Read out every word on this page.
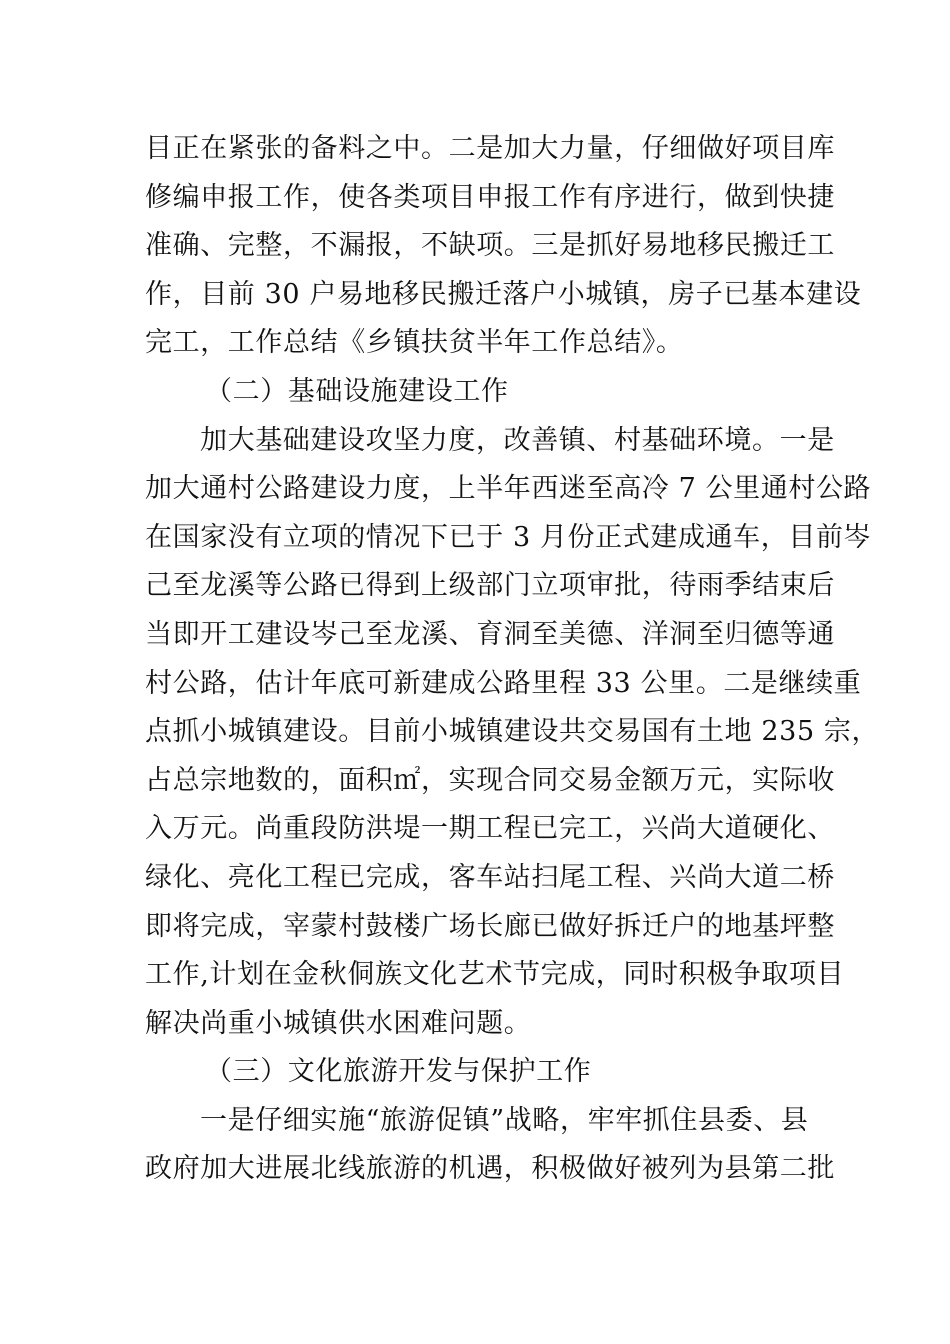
目正在紧张的备料之中。二是加大力量，仔细做好项目库
修编申报工作，使各类项目申报工作有序进行，做到快捷
准确、完整，不漏报，不缺项。三是抓好易地移民搬迁工
作，目前 30 户易地移民搬迁落户小城镇，房子已基本建设
完工，工作总结《乡镇扶贫半年工作总结》。
（二）基础设施建设工作
加大基础建设攻坚力度，改善镇、村基础环境。一是
加大通村公路建设力度，上半年西迷至高冷 7 公里通村公路
在国家没有立项的情况下已于 3 月份正式建成通车，目前岑
己至龙溪等公路已得到上级部门立项审批，待雨季结束后
当即开工建设岑己至龙溪、育洞至美德、洋洞至归德等通
村公路，估计年底可新建成公路里程 33 公里。二是继续重
点抓小城镇建设。目前小城镇建设共交易国有土地 235 宗，
占总宗地数的，面积㎡，实现合同交易金额万元，实际收
入万元。尚重段防洪堤一期工程已完工，兴尚大道硬化、
绿化、亮化工程已完成，客车站扫尾工程、兴尚大道二桥
即将完成，宰蒙村鼓楼广场长廊已做好拆迁户的地基坪整
工作,计划在金秋侗族文化艺术节完成，同时积极争取项目
解决尚重小城镇供水困难问题。
（三）文化旅游开发与保护工作
一是仔细实施“旅游促镇”战略，牢牢抓住县委、县
政府加大进展北线旅游的机遇，积极做好被列为县第二批
